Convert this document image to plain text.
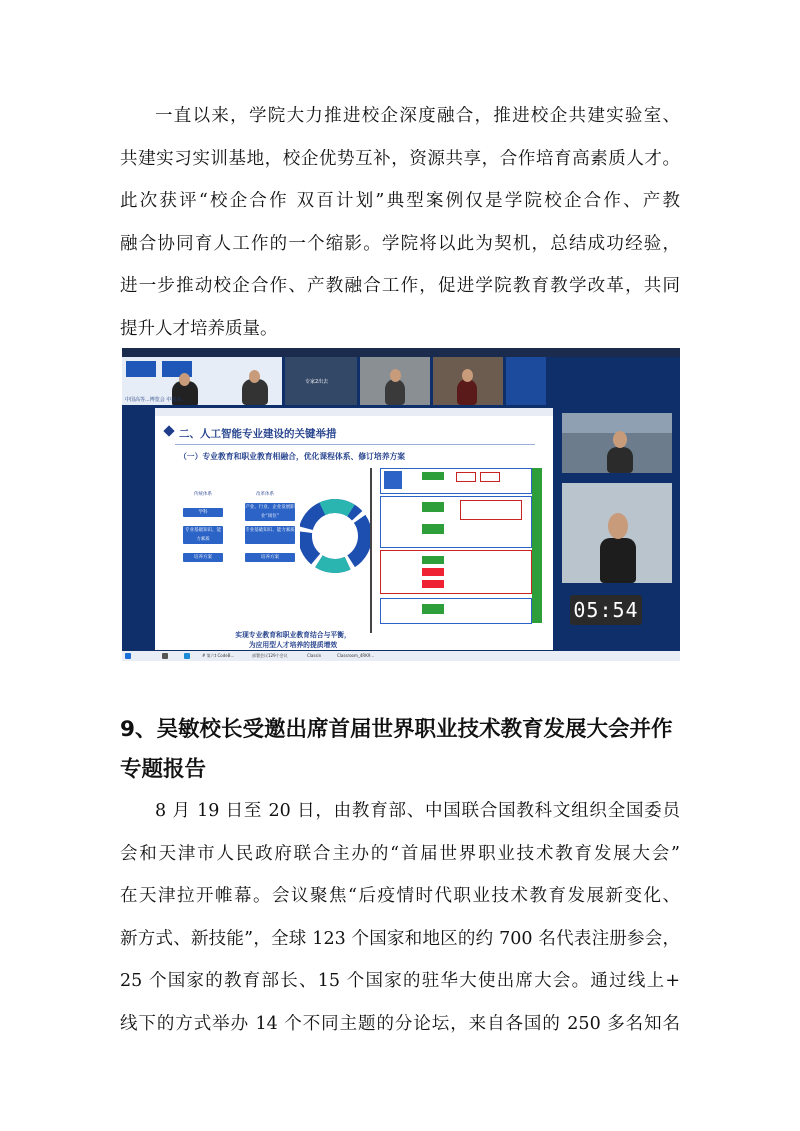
一直以来，学院大力推进校企深度融合，推进校企共建实验室、
共建实习实训基地，校企优势互补，资源共享，合作培育高素质人才。
此次获评“校企合作 双百计划”典型案例仅是学院校企合作、产教
融合协同育人工作的一个缩影。学院将以此为契机，总结成功经验，
进一步推动校企合作、产教融合工作，促进学院教育教学改革，共同
提升人才培养质量。
中国高等...博览会 中国高...
专家2出去
二、人工智能专业建设的关键举措
（一）专业教育和职业教育相融合，优化课程体系、修订培养方案
传统体系	改革体系
学科
专业基础知识、能力素质
培养方案
产业、行业、企业发展职业“岗位”
专业基础知识、能力素质
培养方案
实现专业教育和职业教育结合与平衡，
为应用型人才培养的提质增效
05:54
# 第六t CodeB...	部署会议129个会议	Classin	Classroom_4RK9...
9、吴敏校长受邀出席首届世界职业技术教育发展大会并作
专题报告
8 月 19 日至 20 日，由教育部、中国联合国教科文组织全国委员
会和天津市人民政府联合主办的“首届世界职业技术教育发展大会”
在天津拉开帷幕。会议聚焦“后疫情时代职业技术教育发展新变化、
新方式、新技能”，全球 123 个国家和地区的约 700 名代表注册参会，
25 个国家的教育部长、15 个国家的驻华大使出席大会。通过线上+
线下的方式举办 14 个不同主题的分论坛，来自各国的 250 多名知名
